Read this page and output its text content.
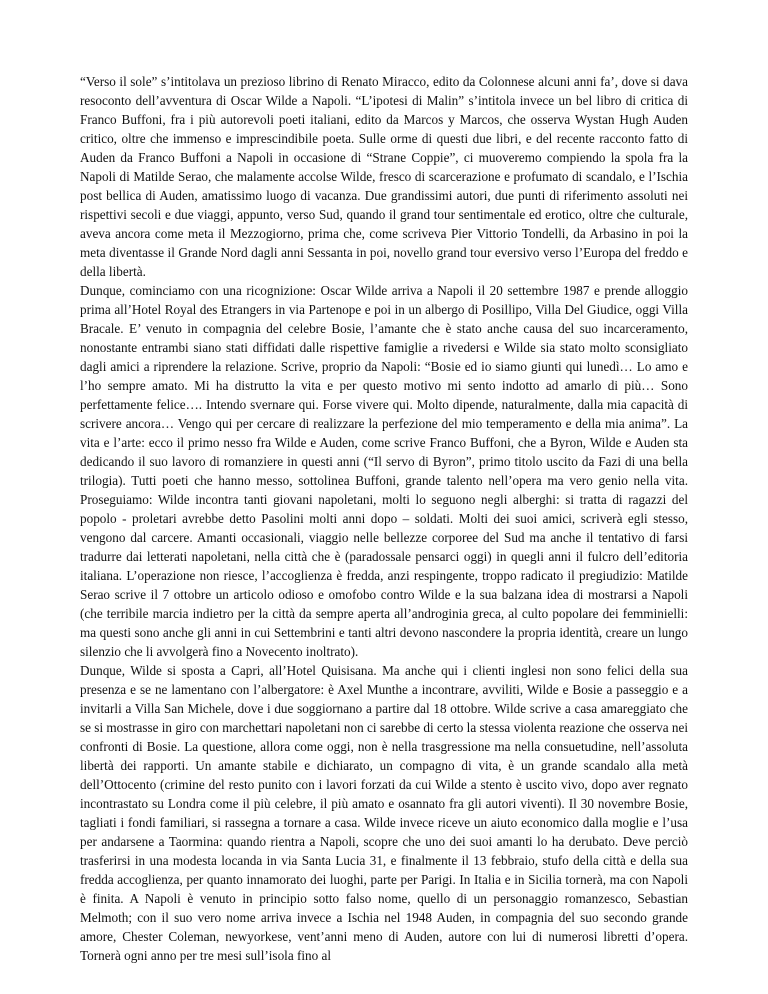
“Verso il sole” s’intitolava un prezioso librino di Renato Miracco, edito da Colonnese alcuni anni fa’, dove si dava resoconto dell’avventura di Oscar Wilde a Napoli. “L’ipotesi di Malin” s’intitola invece un bel libro di critica di Franco Buffoni, fra i più autorevoli poeti italiani, edito da Marcos y Marcos, che osserva Wystan Hugh Auden critico, oltre che immenso e imprescindibile poeta. Sulle orme di questi due libri, e del recente racconto fatto di Auden da Franco Buffoni a Napoli in occasione di “Strane Coppie”, ci muoveremo compiendo la spola fra la Napoli di Matilde Serao, che malamente accolse Wilde, fresco di scarcerazione e profumato di scandalo, e l’Ischia post bellica di Auden, amatissimo luogo di vacanza. Due grandissimi autori, due punti di riferimento assoluti nei rispettivi secoli e due viaggi, appunto, verso Sud, quando il grand tour sentimentale ed erotico, oltre che culturale, aveva ancora come meta il Mezzogiorno, prima che, come scriveva Pier Vittorio Tondelli, da Arbasino in poi la meta diventasse il Grande Nord dagli anni Sessanta in poi, novello grand tour eversivo verso l’Europa del freddo e della libertà.

Dunque, cominciamo con una ricognizione: Oscar Wilde arriva a Napoli il 20 settembre 1987 e prende alloggio prima all’Hotel Royal des Etrangers in via Partenope e poi in un albergo di Posillipo, Villa Del Giudice, oggi Villa Bracale. E’ venuto in compagnia del celebre Bosie, l’amante che è stato anche causa del suo incarceramento, nonostante entrambi siano stati diffidati dalle rispettive famiglie a rivedersi e Wilde sia stato molto sconsigliato dagli amici a riprendere la relazione. Scrive, proprio da Napoli: “Bosie ed io siamo giunti qui lunedì… Lo amo e l’ho sempre amato. Mi ha distrutto la vita e per questo motivo mi sento indotto ad amarlo di più… Sono perfettamente felice…. Intendo svernare qui. Forse vivere qui. Molto dipende, naturalmente, dalla mia capacità di scrivere ancora… Vengo qui per cercare di realizzare la perfezione del mio temperamento e della mia anima”. La vita e l’arte: ecco il primo nesso fra Wilde e Auden, come scrive Franco Buffoni, che a Byron, Wilde e Auden sta dedicando il suo lavoro di romanziere in questi anni (“Il servo di Byron”, primo titolo uscito da Fazi di una bella trilogia). Tutti poeti che hanno messo, sottolinea Buffoni, grande talento nell’opera ma vero genio nella vita. Proseguiamo: Wilde incontra tanti giovani napoletani, molti lo seguono negli alberghi: si tratta di ragazzi del popolo - proletari avrebbe detto Pasolini molti anni dopo – soldati. Molti dei suoi amici, scriverà egli stesso, vengono dal carcere. Amanti occasionali, viaggio nelle bellezze corporee del Sud ma anche il tentativo di farsi tradurre dai letterati napoletani, nella città che è (paradossale pensarci oggi) in quegli anni il fulcro dell’editoria italiana. L’operazione non riesce, l’accoglienza è fredda, anzi respingente, troppo radicato il pregiudizio: Matilde Serao scrive il 7 ottobre un articolo odioso e omofobo contro Wilde e la sua balzana idea di mostrarsi a Napoli (che terribile marcia indietro per la città da sempre aperta all’androginia greca, al culto popolare dei femminielli: ma questi sono anche gli anni in cui Settembrini e tanti altri devono nascondere la propria identità, creare un lungo silenzio che li avvolgerà fino a Novecento inoltrato).

Dunque, Wilde si sposta a Capri, all’Hotel Quisisana. Ma anche qui i clienti inglesi non sono felici della sua presenza e se ne lamentano con l’albergatore: è Axel Munthe a incontrare, avviliti, Wilde e Bosie a passeggio e a invitarli a Villa San Michele, dove i due soggiornano a partire dal 18 ottobre. Wilde scrive a casa amareggiato che se si mostrasse in giro con marchettari napoletani non ci sarebbe di certo la stessa violenta reazione che osserva nei confronti di Bosie. La questione, allora come oggi, non è nella trasgressione ma nella consuetudine, nell’assoluta libertà dei rapporti. Un amante stabile e dichiarato, un compagno di vita, è un grande scandalo alla metà dell’Ottocento (crimine del resto punito con i lavori forzati da cui Wilde a stento è uscito vivo, dopo aver regnato incontrastato su Londra come il più celebre, il più amato e osannato fra gli autori viventi). Il 30 novembre Bosie, tagliati i fondi familiari, si rassegna a tornare a casa. Wilde invece riceve un aiuto economico dalla moglie e l’usa per andarsene a Taormina: quando rientra a Napoli, scopre che uno dei suoi amanti lo ha derubato. Deve perciò trasferirsi in una modesta locanda in via Santa Lucia 31, e finalmente il 13 febbraio, stufo della città e della sua fredda accoglienza, per quanto innamorato dei luoghi, parte per Parigi. In Italia e in Sicilia tornerà, ma con Napoli è finita. A Napoli è venuto in principio sotto falso nome, quello di un personaggio romanzesco, Sebastian Melmoth; con il suo vero nome arriva invece a Ischia nel 1948 Auden, in compagnia del suo secondo grande amore, Chester Coleman, newyorkese, vent’anni meno di Auden, autore con lui di numerosi libretti d’opera. Tornerà ogni anno per tre mesi sull’isola fino al
